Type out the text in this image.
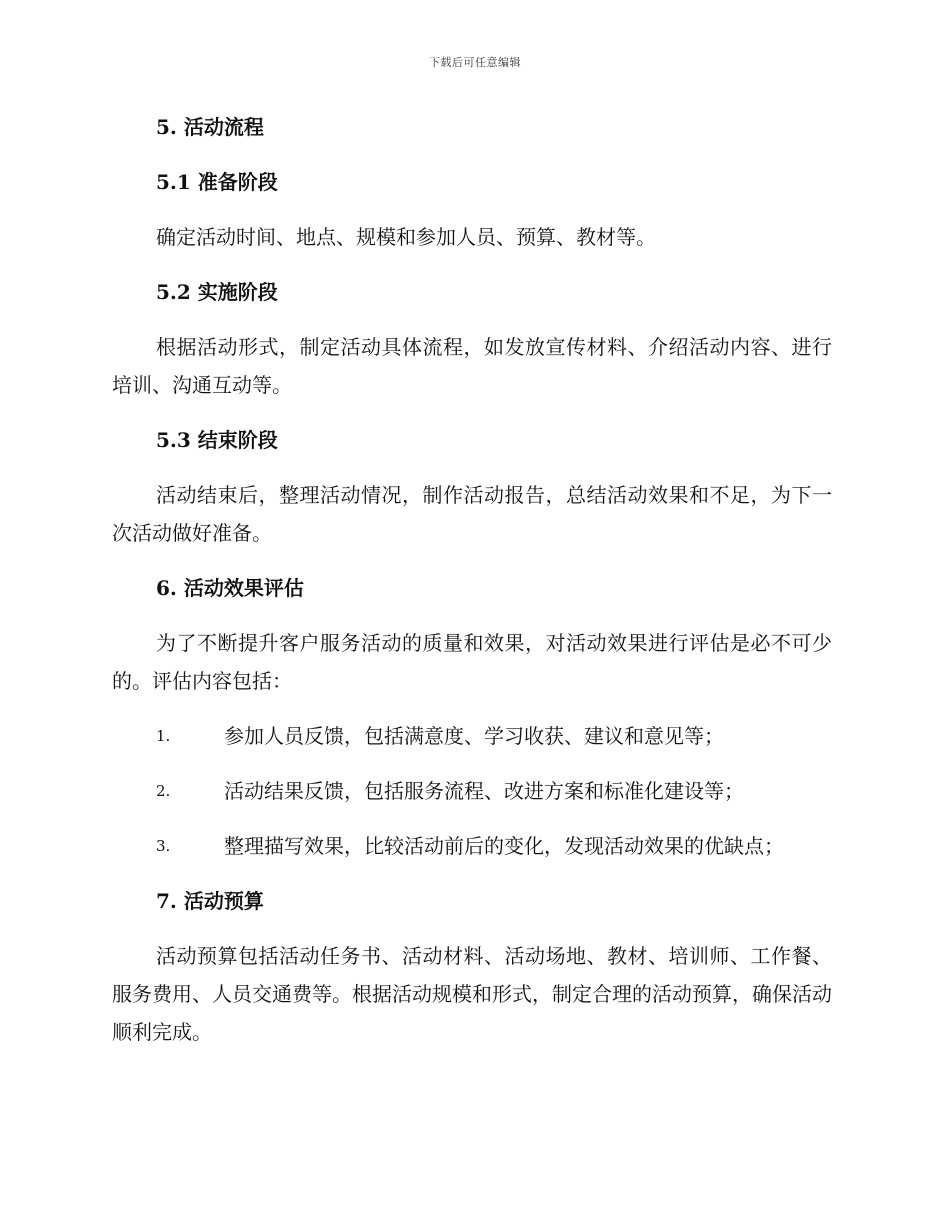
下载后可任意编辑
5. 活动流程
5.1 准备阶段
确定活动时间、地点、规模和参加人员、预算、教材等。
5.2 实施阶段
根据活动形式，制定活动具体流程，如发放宣传材料、介绍活动内容、进行培训、沟通互动等。
5.3 结束阶段
活动结束后，整理活动情况，制作活动报告，总结活动效果和不足，为下一次活动做好准备。
6. 活动效果评估
为了不断提升客户服务活动的质量和效果，对活动效果进行评估是必不可少的。评估内容包括：
1.	参加人员反馈，包括满意度、学习收获、建议和意见等；
2.	活动结果反馈，包括服务流程、改进方案和标准化建设等；
3.	整理描写效果，比较活动前后的变化，发现活动效果的优缺点；
7. 活动预算
活动预算包括活动任务书、活动材料、活动场地、教材、培训师、工作餐、服务费用、人员交通费等。根据活动规模和形式，制定合理的活动预算，确保活动顺利完成。
